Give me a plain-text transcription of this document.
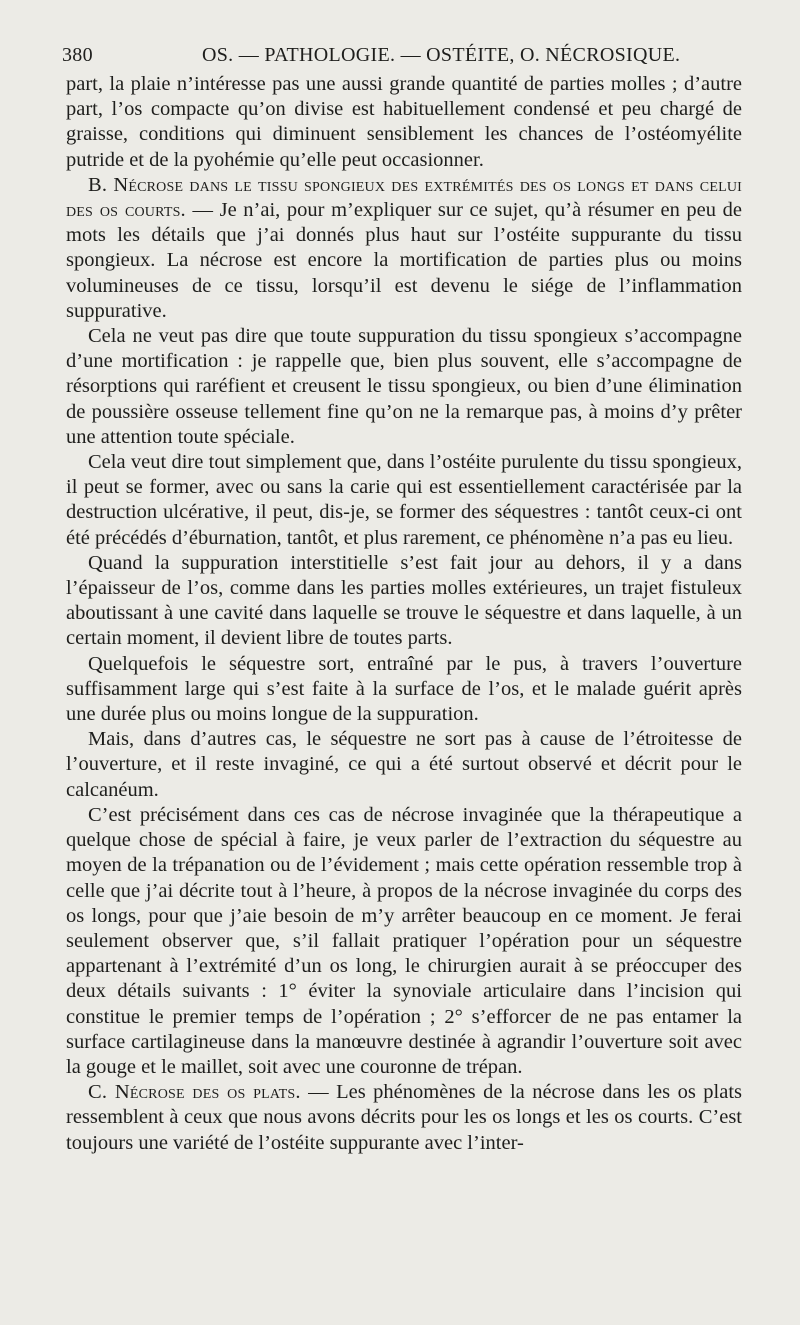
380	OS. — PATHOLOGIE. — OSTÉITE, O. NÉCROSIQUE.

part, la plaie n’intéresse pas une aussi grande quantité de parties molles ; d’autre part, l’os compacte qu’on divise est habituellement condensé et peu chargé de graisse, conditions qui diminuent sensiblement les chances de l’ostéomyélite putride et de la pyohémie qu’elle peut occasionner.

B. Nécrose dans le tissu spongieux des extrémités des os longs et dans celui des os courts. — Je n’ai, pour m’expliquer sur ce sujet, qu’à résumer en peu de mots les détails que j’ai donnés plus haut sur l’ostéite suppurante du tissu spongieux. La nécrose est encore la mortification de parties plus ou moins volumineuses de ce tissu, lorsqu’il est devenu le siége de l’inflammation suppurative.

Cela ne veut pas dire que toute suppuration du tissu spongieux s’accompagne d’une mortification : je rappelle que, bien plus souvent, elle s’accompagne de résorptions qui raréfient et creusent le tissu spongieux, ou bien d’une élimination de poussière osseuse tellement fine qu’on ne la remarque pas, à moins d’y prêter une attention toute spéciale.

Cela veut dire tout simplement que, dans l’ostéite purulente du tissu spongieux, il peut se former, avec ou sans la carie qui est essentiellement caractérisée par la destruction ulcérative, il peut, dis-je, se former des séquestres : tantôt ceux-ci ont été précédés d’éburnation, tantôt, et plus rarement, ce phénomène n’a pas eu lieu.

Quand la suppuration interstitielle s’est fait jour au dehors, il y a dans l’épaisseur de l’os, comme dans les parties molles extérieures, un trajet fistuleux aboutissant à une cavité dans laquelle se trouve le séquestre et dans laquelle, à un certain moment, il devient libre de toutes parts.

Quelquefois le séquestre sort, entraîné par le pus, à travers l’ouverture suffisamment large qui s’est faite à la surface de l’os, et le malade guérit après une durée plus ou moins longue de la suppuration.

Mais, dans d’autres cas, le séquestre ne sort pas à cause de l’étroitesse de l’ouverture, et il reste invaginé, ce qui a été surtout observé et décrit pour le calcanéum.

C’est précisément dans ces cas de nécrose invaginée que la thérapeutique a quelque chose de spécial à faire, je veux parler de l’extraction du séquestre au moyen de la trépanation ou de l’évidement ; mais cette opération ressemble trop à celle que j’ai décrite tout à l’heure, à propos de la nécrose invaginée du corps des os longs, pour que j’aie besoin de m’y arrêter beaucoup en ce moment. Je ferai seulement observer que, s’il fallait pratiquer l’opération pour un séquestre appartenant à l’extrémité d’un os long, le chirurgien aurait à se préoccuper des deux détails suivants : 1° éviter la synoviale articulaire dans l’incision qui constitue le premier temps de l’opération ; 2° s’efforcer de ne pas entamer la surface cartilagineuse dans la manœuvre destinée à agrandir l’ouverture soit avec la gouge et le maillet, soit avec une couronne de trépan.

C. Nécrose des os plats. — Les phénomènes de la nécrose dans les os plats ressemblent à ceux que nous avons décrits pour les os longs et les os courts. C’est toujours une variété de l’ostéite suppurante avec l’inter-
